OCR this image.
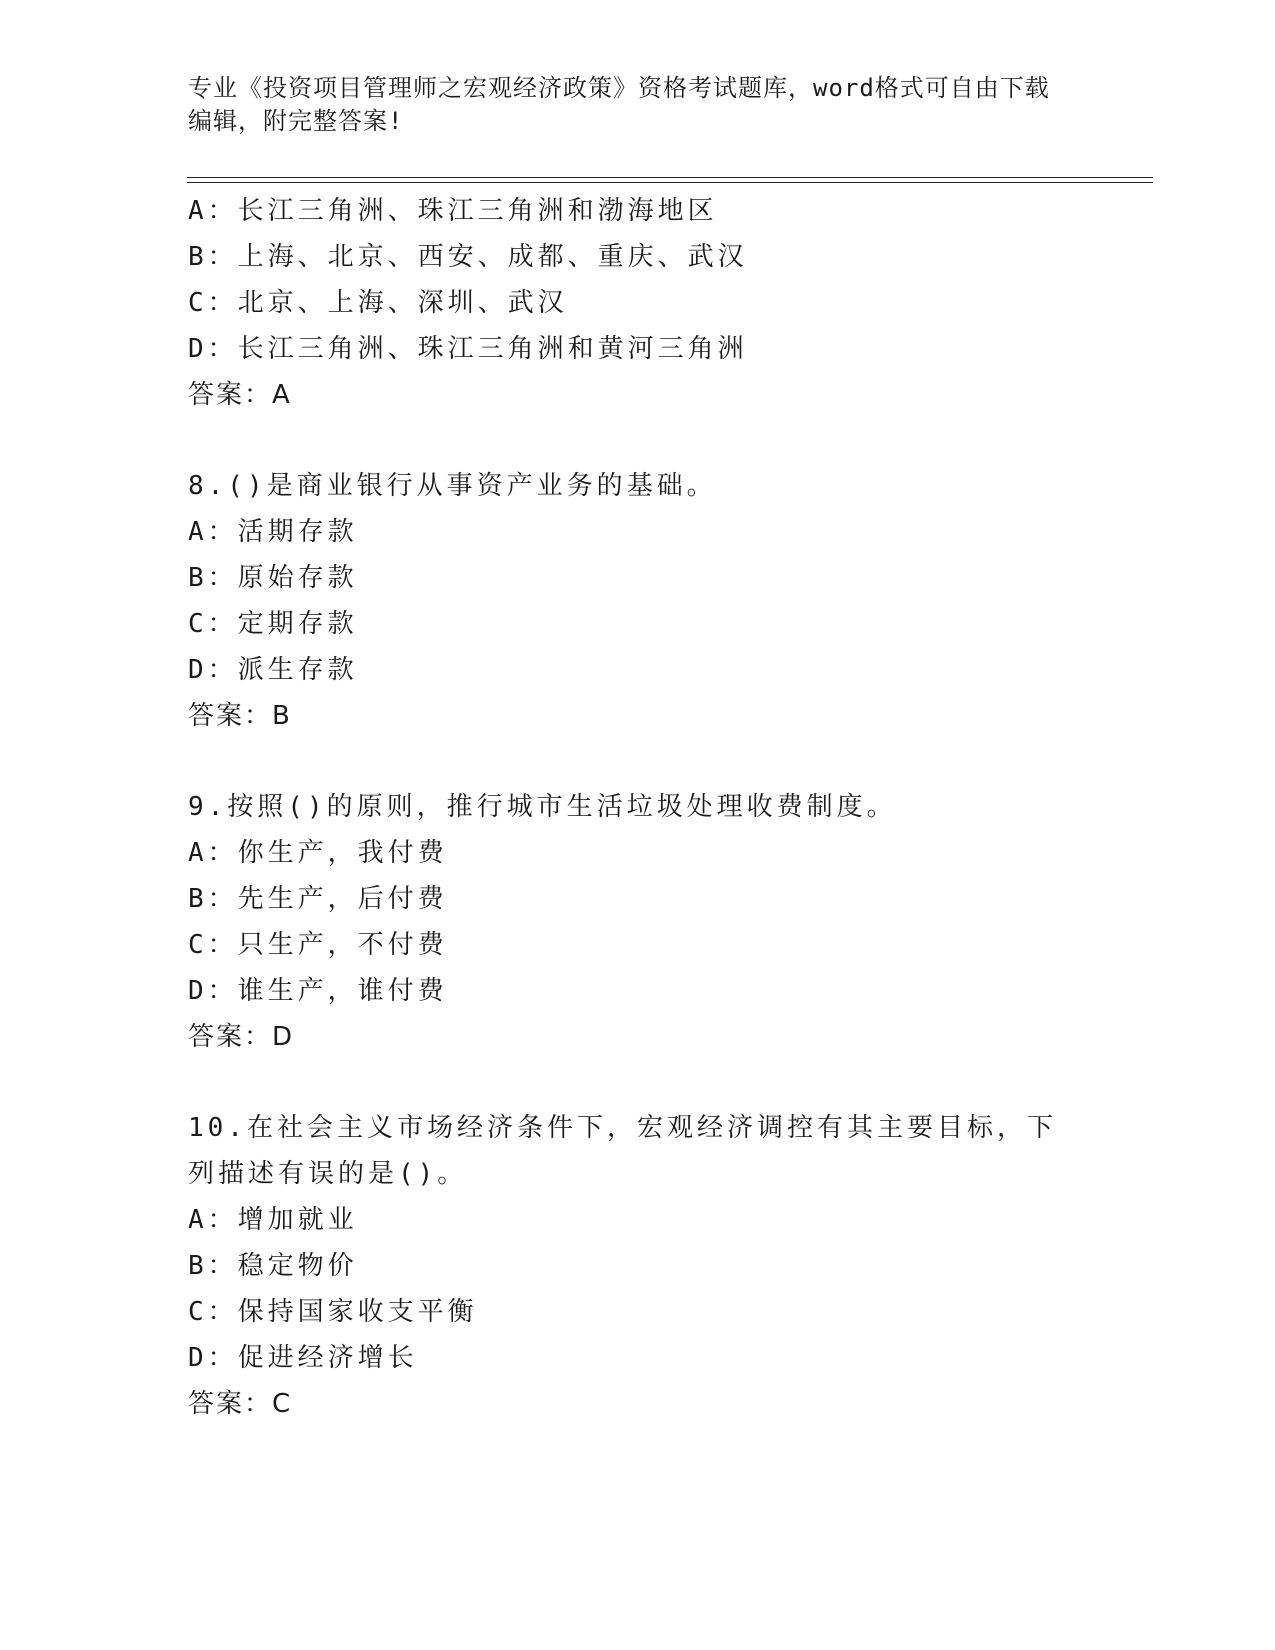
专业《投资项目管理师之宏观经济政策》资格考试题库，word格式可自由下载编辑，附完整答案!
A：长江三角洲、珠江三角洲和渤海地区
B：上海、北京、西安、成都、重庆、武汉
C：北京、上海、深圳、武汉
D：长江三角洲、珠江三角洲和黄河三角洲
答案：A
8.()是商业银行从事资产业务的基础。
A：活期存款
B：原始存款
C：定期存款
D：派生存款
答案：B
9.按照()的原则，推行城市生活垃圾处理收费制度。
A：你生产，我付费
B：先生产，后付费
C：只生产，不付费
D：谁生产，谁付费
答案：D
10.在社会主义市场经济条件下，宏观经济调控有其主要目标，下列描述有误的是()。
A：增加就业
B：稳定物价
C：保持国家收支平衡
D：促进经济增长
答案：C
